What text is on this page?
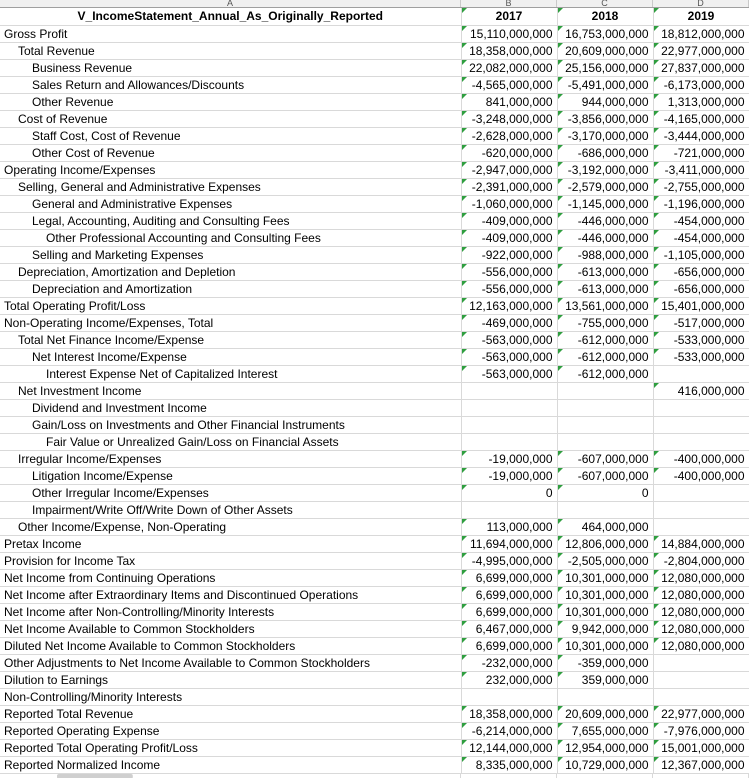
A	B	C	D
V_IncomeStatement_Annual_As_Originally_Reported	2017	2018	2019
Gross Profit	15,110,000,000	16,753,000,000	18,812,000,000
Total Revenue	18,358,000,000	20,609,000,000	22,977,000,000
Business Revenue	22,082,000,000	25,156,000,000	27,837,000,000
Sales Return and Allowances/Discounts	-4,565,000,000	-5,491,000,000	-6,173,000,000
Other Revenue	841,000,000	944,000,000	1,313,000,000
Cost of Revenue	-3,248,000,000	-3,856,000,000	-4,165,000,000
Staff Cost, Cost of Revenue	-2,628,000,000	-3,170,000,000	-3,444,000,000
Other Cost of Revenue	-620,000,000	-686,000,000	-721,000,000
Operating Income/Expenses	-2,947,000,000	-3,192,000,000	-3,411,000,000
Selling, General and Administrative Expenses	-2,391,000,000	-2,579,000,000	-2,755,000,000
General and Administrative Expenses	-1,060,000,000	-1,145,000,000	-1,196,000,000
Legal, Accounting, Auditing and Consulting Fees	-409,000,000	-446,000,000	-454,000,000
Other Professional Accounting and Consulting Fees	-409,000,000	-446,000,000	-454,000,000
Selling and Marketing Expenses	-922,000,000	-988,000,000	-1,105,000,000
Depreciation, Amortization and Depletion	-556,000,000	-613,000,000	-656,000,000
Depreciation and Amortization	-556,000,000	-613,000,000	-656,000,000
Total Operating Profit/Loss	12,163,000,000	13,561,000,000	15,401,000,000
Non-Operating Income/Expenses, Total	-469,000,000	-755,000,000	-517,000,000
Total Net Finance Income/Expense	-563,000,000	-612,000,000	-533,000,000
Net Interest Income/Expense	-563,000,000	-612,000,000	-533,000,000
Interest Expense Net of Capitalized Interest	-563,000,000	-612,000,000	
Net Investment Income			416,000,000
Dividend and Investment Income			
Gain/Loss on Investments and Other Financial Instruments			
Fair Value or Unrealized Gain/Loss on Financial Assets			
Irregular Income/Expenses	-19,000,000	-607,000,000	-400,000,000
Litigation Income/Expense	-19,000,000	-607,000,000	-400,000,000
Other Irregular Income/Expenses	0	0	
Impairment/Write Off/Write Down of Other Assets			
Other Income/Expense, Non-Operating	113,000,000	464,000,000	
Pretax Income	11,694,000,000	12,806,000,000	14,884,000,000
Provision for Income Tax	-4,995,000,000	-2,505,000,000	-2,804,000,000
Net Income from Continuing Operations	6,699,000,000	10,301,000,000	12,080,000,000
Net Income after Extraordinary Items and Discontinued Operations	6,699,000,000	10,301,000,000	12,080,000,000
Net Income after Non-Controlling/Minority Interests	6,699,000,000	10,301,000,000	12,080,000,000
Net Income Available to Common Stockholders	6,467,000,000	9,942,000,000	12,080,000,000
Diluted Net Income Available to Common Stockholders	6,699,000,000	10,301,000,000	12,080,000,000
Other Adjustments to Net Income Available to Common Stockholders	-232,000,000	-359,000,000	
Dilution to Earnings	232,000,000	359,000,000	
Non-Controlling/Minority Interests			
Reported Total Revenue	18,358,000,000	20,609,000,000	22,977,000,000
Reported Operating Expense	-6,214,000,000	7,655,000,000	-7,976,000,000
Reported Total Operating Profit/Loss	12,144,000,000	12,954,000,000	15,001,000,000
Reported Normalized Income	8,335,000,000	10,729,000,000	12,367,000,000
